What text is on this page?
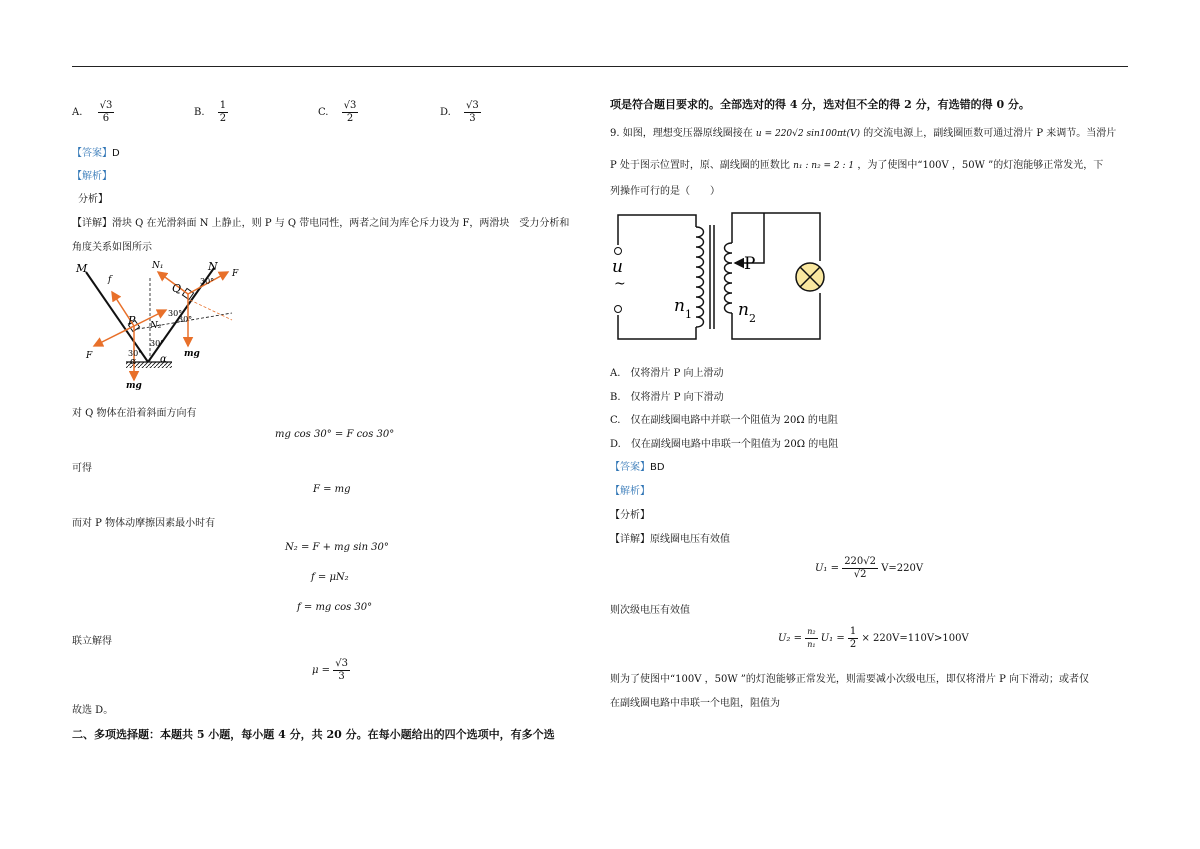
A. $\frac{√3}{6}$	B. $\frac{1}{2}$	C. $\frac{√3}{2}$	D. $\frac{√3}{3}$
【答案】D
【解析】
分析】
【详解】滑块 Q 在光滑斜面 N 上静止，则 P 与 Q 带电同性，两者之间为库仑斥力设为 F，两滑块　受力分析和
角度关系如图所示
M	N
N₁
N₂
f
F
F
P
Q
mg
mg
30°
30°
30°
30°
30°
α α
对 Q 物体在沿着斜面方向有
mg cos 30° = F cos 30°
可得
F = mg
而对 P 物体动摩擦因素最小时有
N₂ = F + mg sin 30°
f = μN₂
f = mg cos 30°
联立解得
$\mu = \frac{√3}{3}$
故选 D。
二、多项选择题：本题共 5 小题，每小题 4 分，共 20 分。在每小题给出的四个选项中，有多个选
项是符合题目要求的。全部选对的得 4 分，选对但不全的得 2 分，有选错的得 0 分。
9. 如图，理想变压器原线圈接在 u = 220√2 sin100πt(V) 的交流电源上，副线圈匝数可通过滑片 P 来调节。当滑片
P 处于图示位置时，原、副线圈的匝数比 n₁ : n₂ = 2 : 1 ，为了使图中“100V ，50W ”的灯泡能够正常发光，下
列操作可行的是（　　）
u
~
P
n 1	n 2
A.　仅将滑片 P 向上滑动
B.　仅将滑片 P 向下滑动
C.　仅在副线圈电路中并联一个阻值为 20Ω 的电阻
D.　仅在副线圈电路中串联一个阻值为 20Ω 的电阻
【答案】BD
【解析】
【分析】
【详解】原线圈电压有效值
$U_1 = \frac{220√2}{√2} V=220V$
则次级电压有效值
$U_2 = \frac{\text{n₂}}{\text{n₁}} U_1 = \frac{1}{2} \times 220V=110V>100V$
则为了使图中“100V ，50W ”的灯泡能够正常发光，则需要减小次级电压，即仅将滑片 P 向下滑动；或者仅
在副线圈电路中串联一个电阻，阻值为
